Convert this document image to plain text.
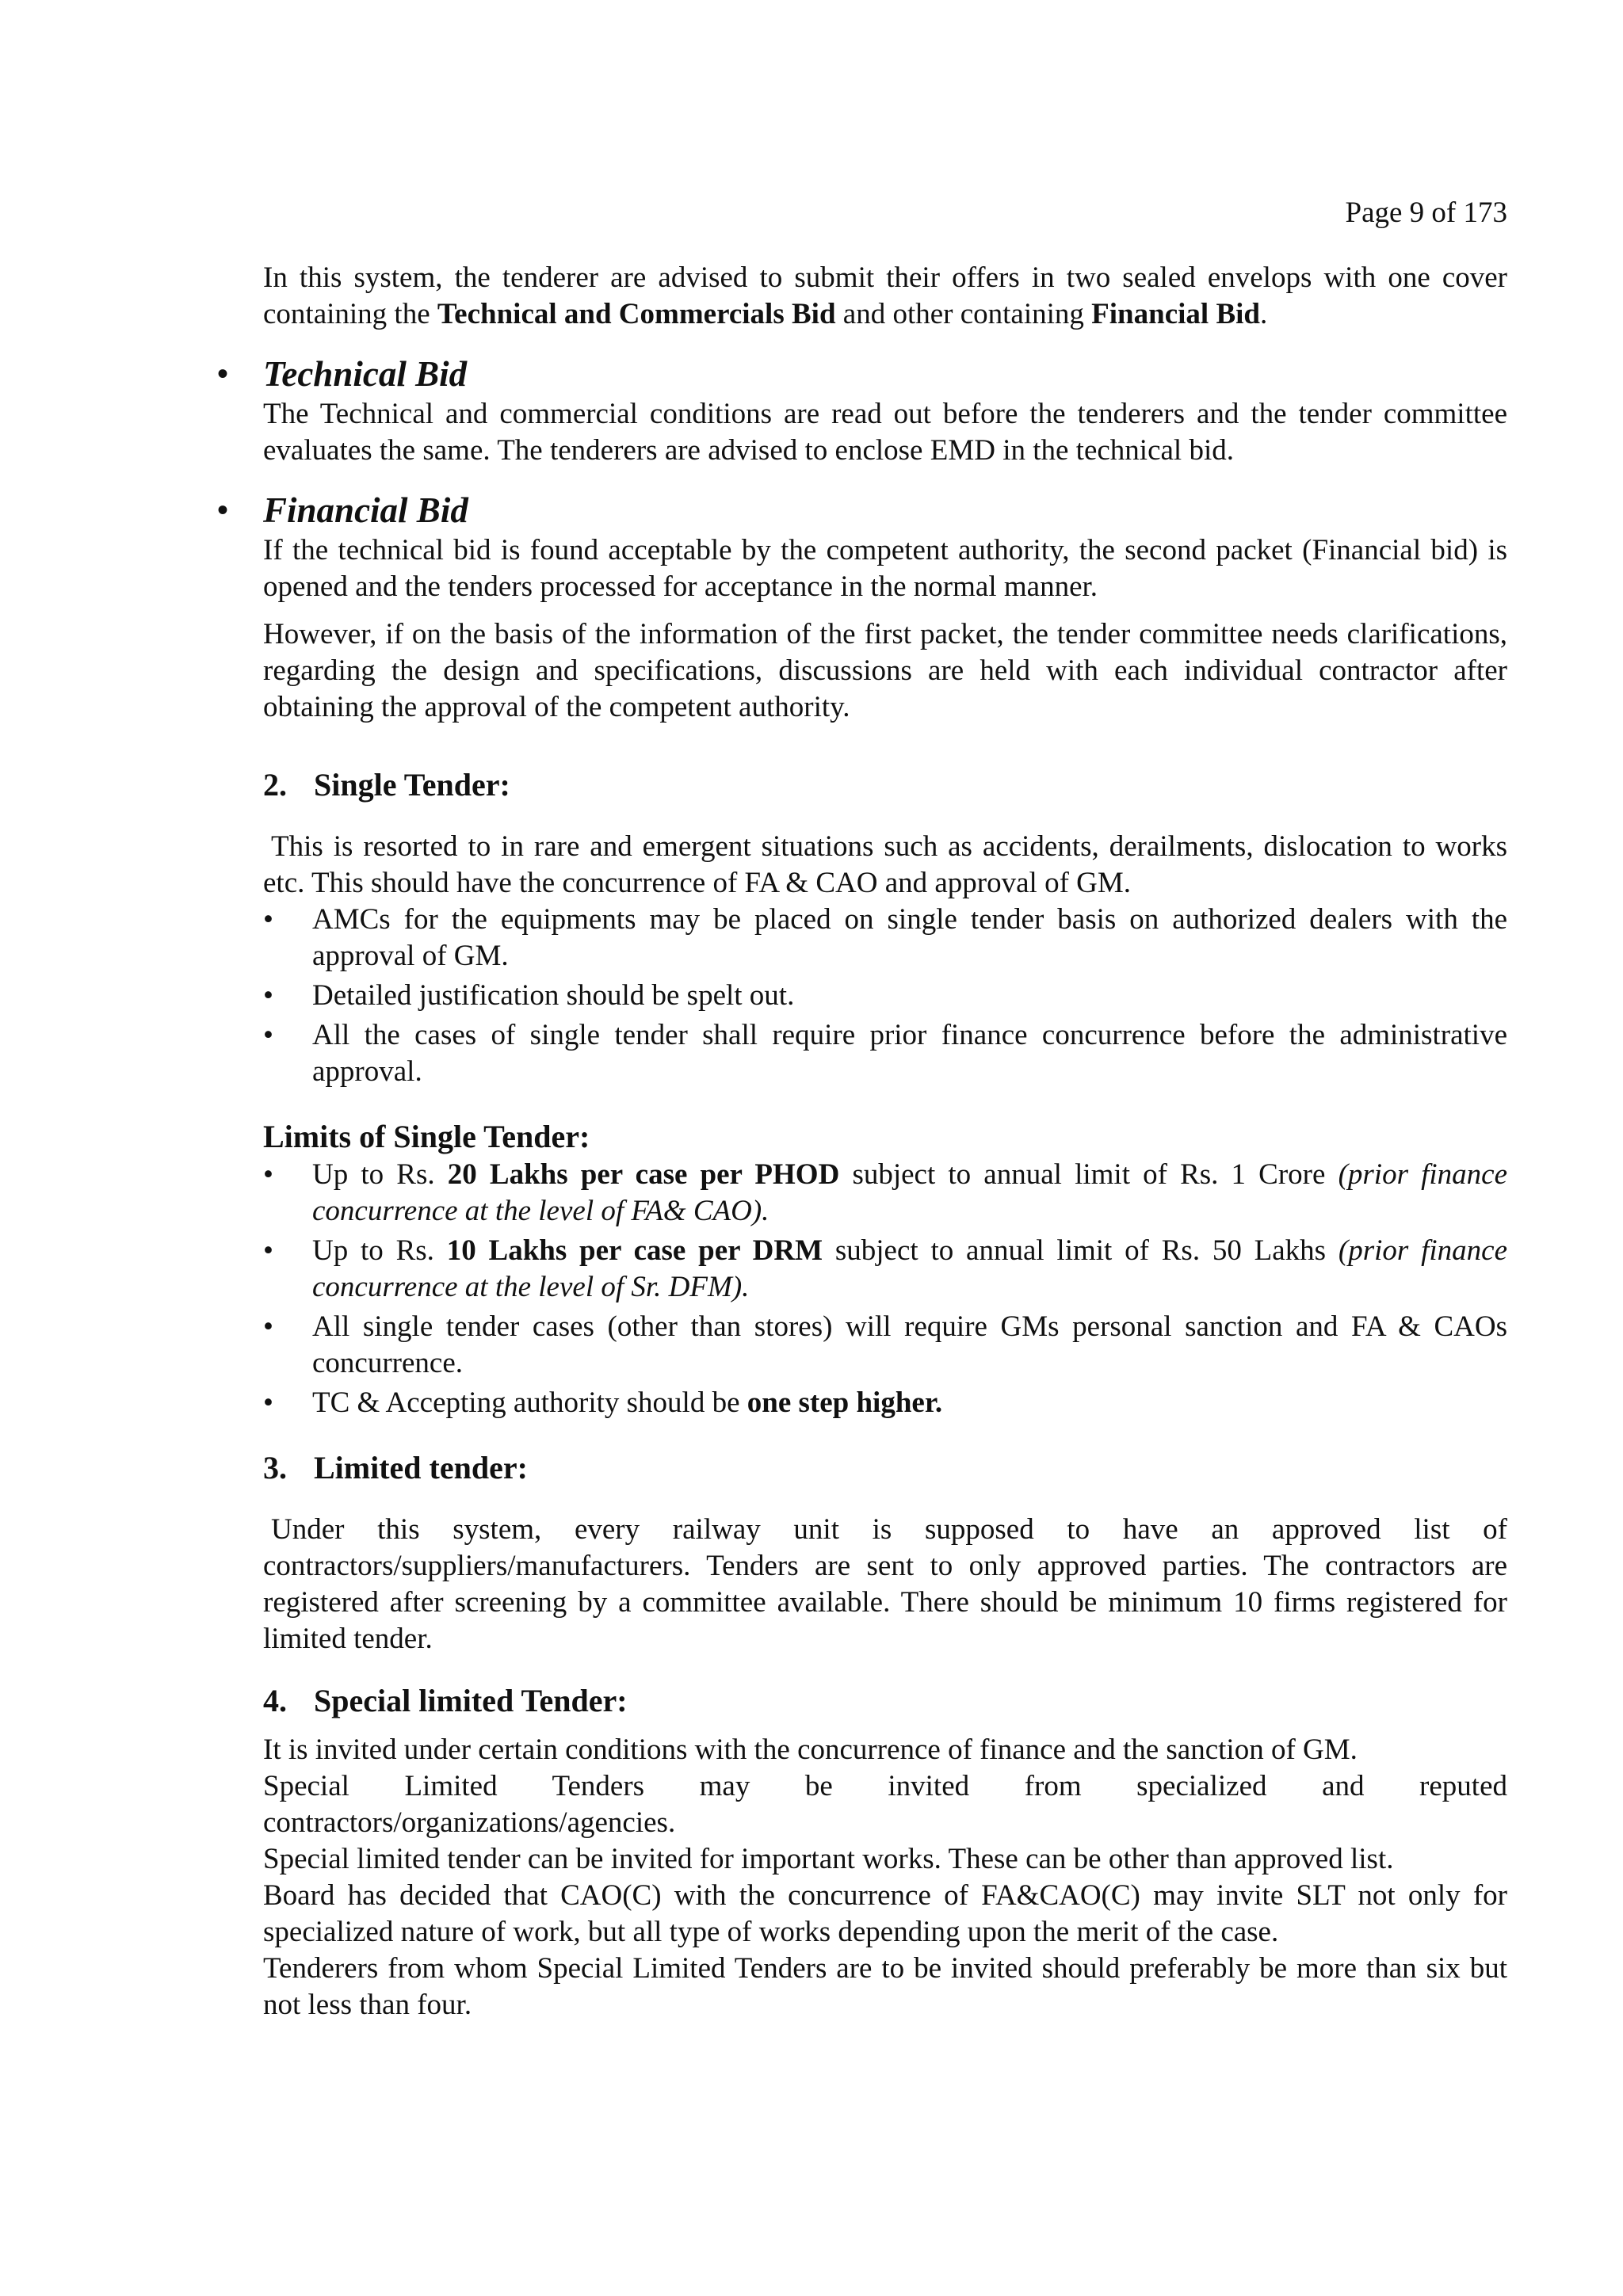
Page 9 of 173

In this system, the tenderer are advised to submit their offers in two sealed envelops with one cover containing the Technical and Commercials Bid and other containing Financial Bid.

• Technical Bid

The Technical and commercial conditions are read out before the tenderers and the tender committee evaluates the same. The tenderers are advised to enclose EMD in the technical bid.

• Financial Bid

If the technical bid is found acceptable by the competent authority, the second packet (Financial bid) is opened and the tenders processed for acceptance in the normal manner.

However, if on the basis of the information of the first packet, the tender committee needs clarifications, regarding the design and specifications, discussions are held with each individual contractor after obtaining the approval of the competent authority.

2. Single Tender:

This is resorted to in rare and emergent situations such as accidents, derailments, dislocation to works etc. This should have the concurrence of FA & CAO and approval of GM.

• AMCs for the equipments may be placed on single tender basis on authorized dealers with the approval of GM.
• Detailed justification should be spelt out.
• All the cases of single tender shall require prior finance concurrence before the administrative approval.
Limits of Single Tender:
• Up to Rs. 20 Lakhs per case per PHOD subject to annual limit of Rs. 1 Crore (prior finance concurrence at the level of FA& CAO).
• Up to Rs. 10 Lakhs per case per DRM subject to annual limit of Rs. 50 Lakhs (prior finance concurrence at the level of Sr. DFM).
• All single tender cases (other than stores) will require GMs personal sanction and FA & CAOs concurrence.
• TC & Accepting authority should be one step higher.
3. Limited tender:

Under this system, every railway unit is supposed to have an approved list of contractors/suppliers/manufacturers. Tenders are sent to only approved parties. The contractors are registered after screening by a committee available. There should be minimum 10 firms registered for limited tender.

4. Special limited Tender:

It is invited under certain conditions with the concurrence of finance and the sanction of GM.

Special Limited Tenders may be invited from specialized and reputed

contractors/organizations/agencies.

Special limited tender can be invited for important works. These can be other than approved list.

Board has decided that CAO(C) with the concurrence of FA&CAO(C) may invite SLT not only for specialized nature of work, but all type of works depending upon the merit of the case.

Tenderers from whom Special Limited Tenders are to be invited should preferably be more than six but not less than four.
